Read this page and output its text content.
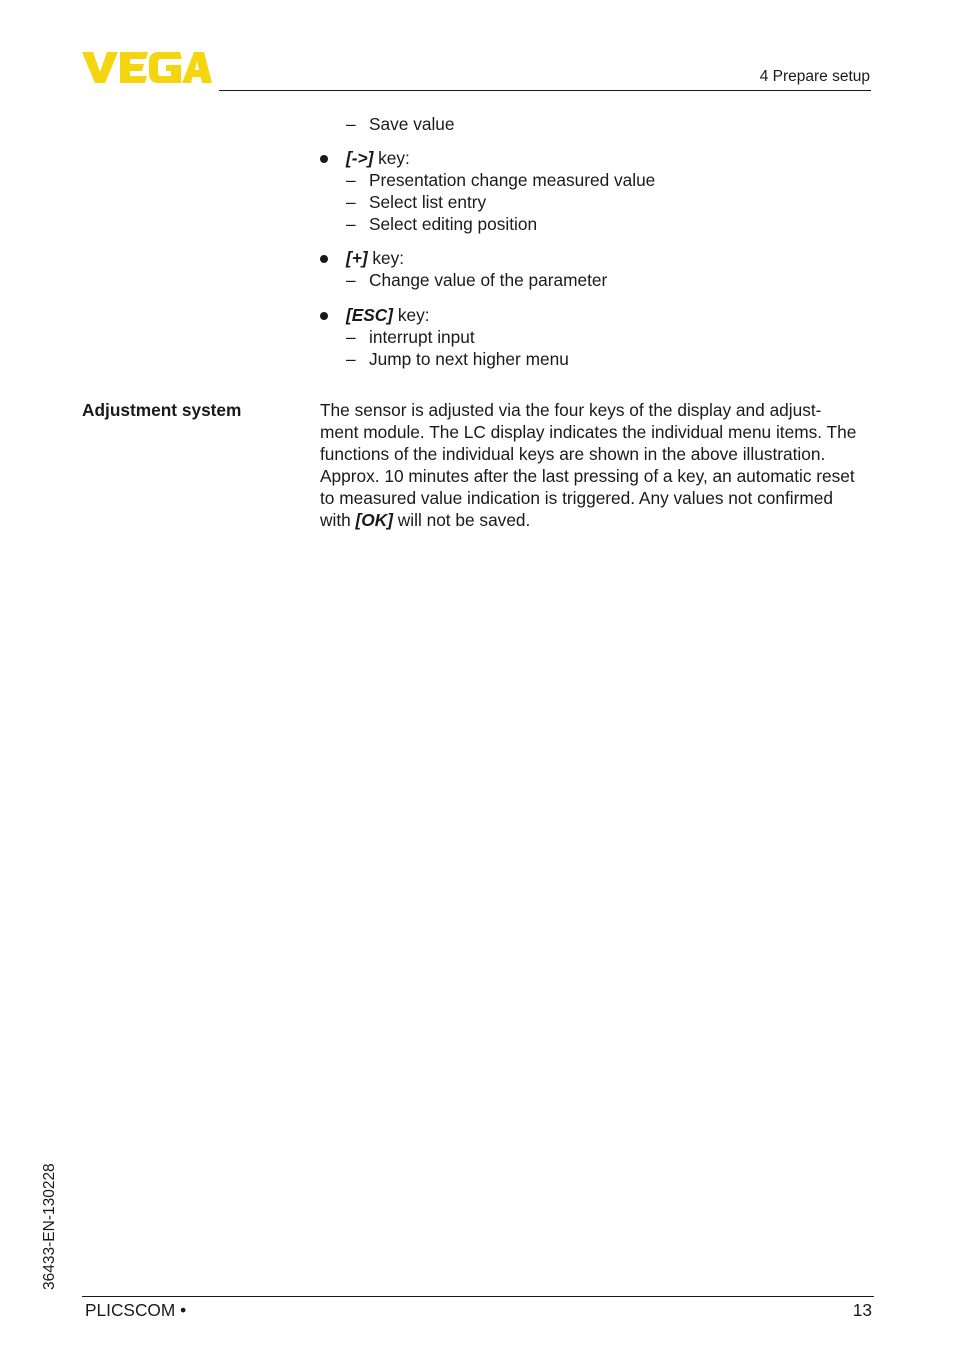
VEGA
4 Prepare setup
– Save value
[->] key:
– Presentation change measured value
– Select list entry
– Select editing position
[+] key:
– Change value of the parameter
[ESC] key:
– interrupt input
– Jump to next higher menu
Adjustment system	The sensor is adjusted via the four keys of the display and adjust-
ment module. The LC display indicates the individual menu items. The
functions of the individual keys are shown in the above illustration.
Approx. 10 minutes after the last pressing of a key, an automatic reset
to measured value indication is triggered. Any values not confirmed
with [OK] will not be saved.
36433-EN-130228
PLICSCOM •	13
